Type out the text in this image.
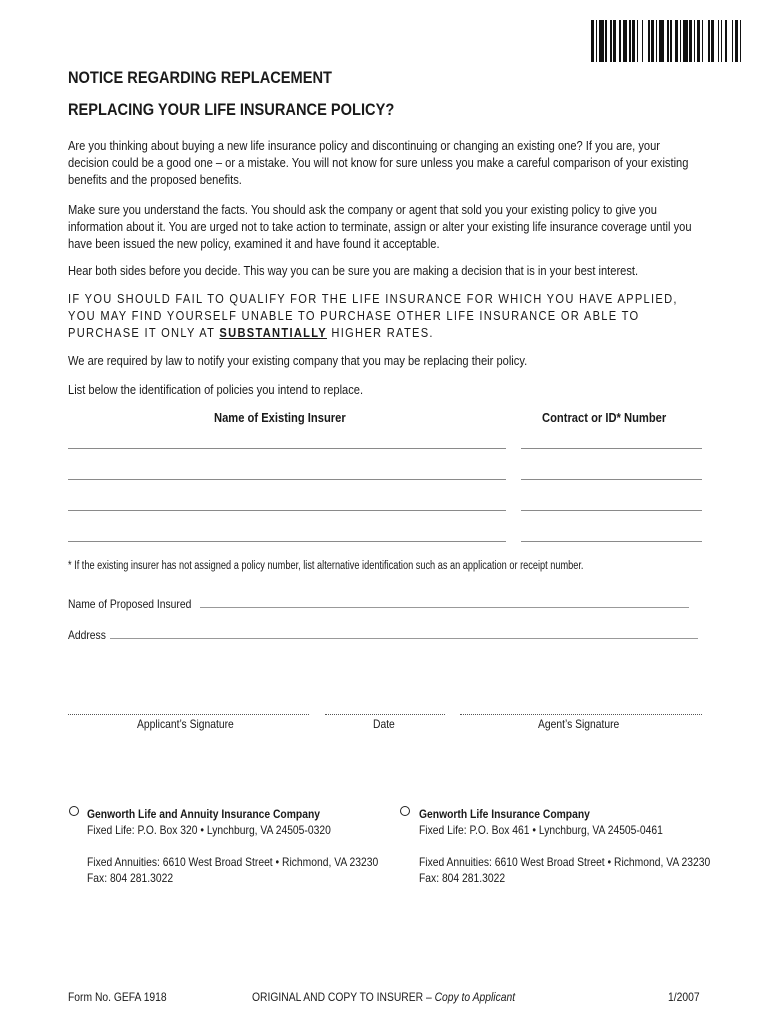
NOTICE REGARDING REPLACEMENT
REPLACING YOUR LIFE INSURANCE POLICY?
Are you thinking about buying a new life insurance policy and discontinuing or changing an existing one? If you are, your decision could be a good one – or a mistake. You will not know for sure unless you make a careful comparison of your existing benefits and the proposed benefits.
Make sure you understand the facts. You should ask the company or agent that sold you your existing policy to give you information about it. You are urged not to take action to terminate, assign or alter your existing life insurance coverage until you have been issued the new policy, examined it and have found it acceptable.
Hear both sides before you decide. This way you can be sure you are making a decision that is in your best interest.
IF YOU SHOULD FAIL TO QUALIFY FOR THE LIFE INSURANCE FOR WHICH YOU HAVE APPLIED, YOU MAY FIND YOURSELF UNABLE TO PURCHASE OTHER LIFE INSURANCE OR ABLE TO PURCHASE IT ONLY AT SUBSTANTIALLY HIGHER RATES.
We are required by law to notify your existing company that you may be replacing their policy.
List below the identification of policies you intend to replace.
Name of Existing Insurer	Contract or ID* Number
* If the existing insurer has not assigned a policy number, list alternative identification such as an application or receipt number.
Name of Proposed Insured
Address
Applicant’s Signature	Date	Agent’s Signature
Genworth Life and Annuity Insurance Company
Fixed Life: P.O. Box 320 • Lynchburg, VA 24505-0320
Fixed Annuities: 6610 West Broad Street • Richmond, VA 23230
Fax: 804 281.3022
Genworth Life Insurance Company
Fixed Life: P.O. Box 461 • Lynchburg, VA 24505-0461
Fixed Annuities: 6610 West Broad Street • Richmond, VA 23230
Fax: 804 281.3022
Form No. GEFA 1918	ORIGINAL AND COPY TO INSURER – Copy to Applicant	1/2007
